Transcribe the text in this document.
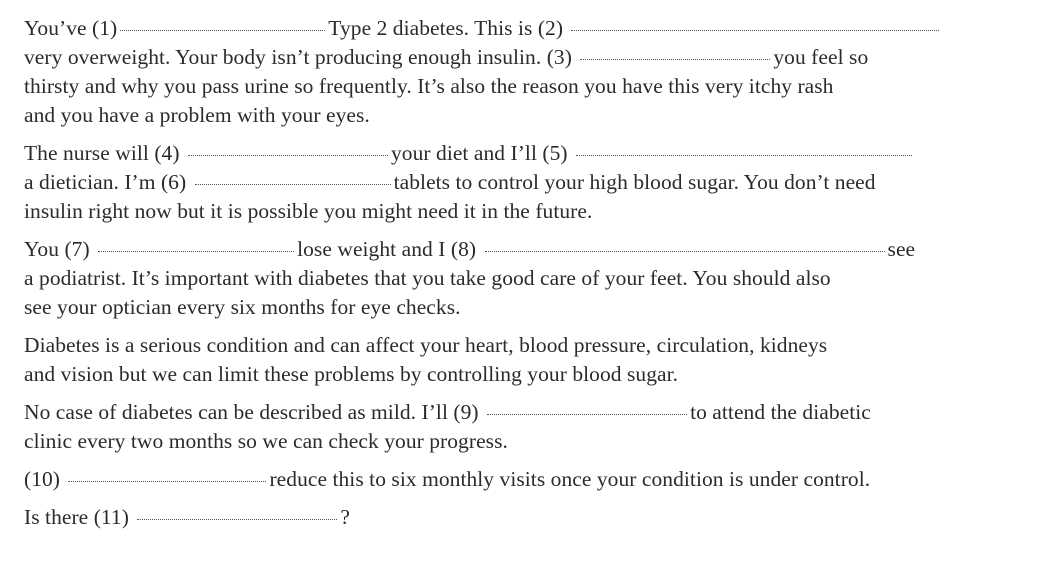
You’ve (1)	Type 2 diabetes. This is (2)
very overweight. Your body isn’t producing enough insulin. (3)	you feel so
thirsty and why you pass urine so frequently. It’s also the reason you have this very itchy rash
and you have a problem with your eyes.

The nurse will (4)	your diet and I’ll (5)
a dietician. I’m (6)	tablets to control your high blood sugar. You don’t need
insulin right now but it is possible you might need it in the future.

You (7)	lose weight and I (8)	see
a podiatrist. It’s important with diabetes that you take good care of your feet. You should also
see your optician every six months for eye checks.

Diabetes is a serious condition and can affect your heart, blood pressure, circulation, kidneys
and vision but we can limit these problems by controlling your blood sugar.

No case of diabetes can be described as mild. I’ll (9)	to attend the diabetic
clinic every two months so we can check your progress.

(10)	reduce this to six monthly visits once your condition is under control.

Is there (11)	?
